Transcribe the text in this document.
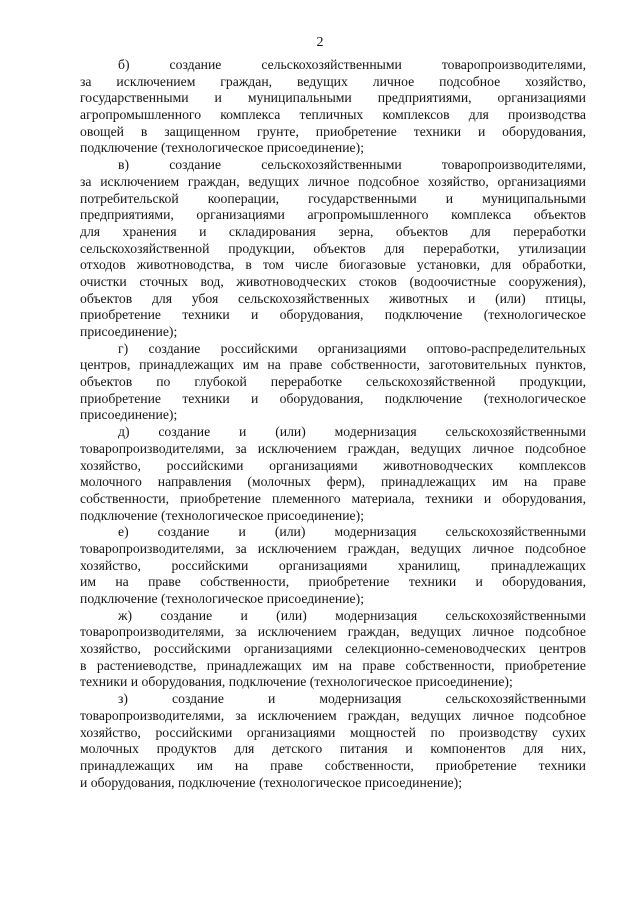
2
б) создание сельскохозяйственными товаропроизводителями,
за исключением граждан, ведущих личное подсобное хозяйство,
государственными и муниципальными предприятиями, организациями
агропромышленного комплекса тепличных комплексов для производства
овощей в защищенном грунте, приобретение техники и оборудования,
подключение (технологическое присоединение);
в) создание сельскохозяйственными товаропроизводителями,
за исключением граждан, ведущих личное подсобное хозяйство, организациями
потребительской кооперации, государственными и муниципальными
предприятиями, организациями агропромышленного комплекса объектов
для хранения и складирования зерна, объектов для переработки
сельскохозяйственной продукции, объектов для переработки, утилизации
отходов животноводства, в том числе биогазовые установки, для обработки,
очистки сточных вод, животноводческих стоков (водоочистные сооружения),
объектов для убоя сельскохозяйственных животных и (или) птицы,
приобретение техники и оборудования, подключение (технологическое
присоединение);
г) создание российскими организациями оптово-распределительных
центров, принадлежащих им на праве собственности, заготовительных пунктов,
объектов по глубокой переработке сельскохозяйственной продукции,
приобретение техники и оборудования, подключение (технологическое
присоединение);
д) создание и (или) модернизация сельскохозяйственными
товаропроизводителями, за исключением граждан, ведущих личное подсобное
хозяйство, российскими организациями животноводческих комплексов
молочного направления (молочных ферм), принадлежащих им на праве
собственности, приобретение племенного материала, техники и оборудования,
подключение (технологическое присоединение);
е) создание и (или) модернизация сельскохозяйственными
товаропроизводителями, за исключением граждан, ведущих личное подсобное
хозяйство, российскими организациями хранилищ, принадлежащих
им на праве собственности, приобретение техники и оборудования,
подключение (технологическое присоединение);
ж) создание и (или) модернизация сельскохозяйственными
товаропроизводителями, за исключением граждан, ведущих личное подсобное
хозяйство, российскими организациями селекционно-семеноводческих центров
в растениеводстве, принадлежащих им на праве собственности, приобретение
техники и оборудования, подключение (технологическое присоединение);
з) создание и модернизация сельскохозяйственными
товаропроизводителями, за исключением граждан, ведущих личное подсобное
хозяйство, российскими организациями мощностей по производству сухих
молочных продуктов для детского питания и компонентов для них,
принадлежащих им на праве собственности, приобретение техники
и оборудования, подключение (технологическое присоединение);
